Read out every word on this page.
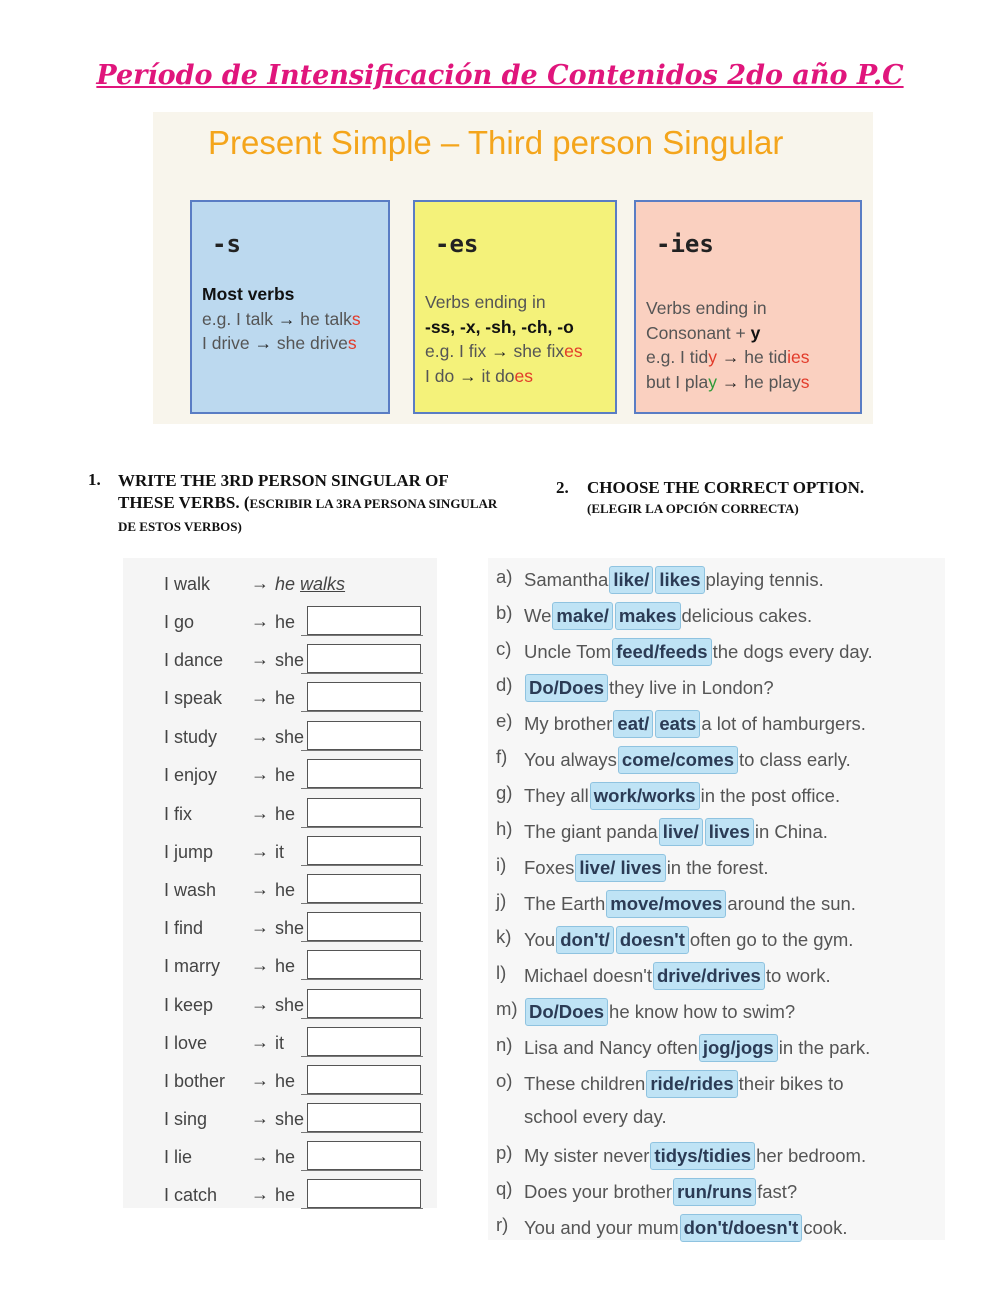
Período de Intensificación de Contenidos 2do año P.C
Present Simple – Third person Singular
-s
Most verbs
e.g. I talk → he talks
I drive → she drives
-es
Verbs ending in
-ss, -x, -sh, -ch, -o
e.g. I fix → she fixes
I do → it does
-ies
Verbs ending in
Consonant + y
e.g. I tidy → he tidies
but I play → he plays
1. WRITE THE 3RD PERSON SINGULAR OF THESE VERBS. (ESCRIBIR LA 3RA PERSONA SINGULAR DE ESTOS VERBOS)
2. CHOOSE THE CORRECT OPTION.
(ELEGIR LA OPCIÓN CORRECTA)
I walk → he walks
I go	→ he
I dance → she
I speak → he
I study → she
I enjoy → he
I fix	→ he
I jump → it
I wash → he
I find	→ she
I marry → he
I keep → she
I love → it
I bother → he
I sing → she
I lie	→ he
I catch → he
a) Samantha like/ likes playing tennis.
b) We make/ makes delicious cakes.
c) Uncle Tom feed/feeds the dogs every day.
d) Do/Does they live in London?
e) My brother eat/ eats a lot of hamburgers.
f) You always come/comes to class early.
g) They all work/works in the post office.
h) The giant panda live/ lives in China.
i) Foxes live/ lives in the forest.
j) The Earth move/moves around the sun.
k) You don't/ doesn't often go to the gym.
l) Michael doesn't drive/drives to work.
m) Do/Does he know how to swim?
n) Lisa and Nancy often jog/jogs in the park.
o) These children ride/rides their bikes to
school every day.
p) My sister never tidys/tidies her bedroom.
q) Does your brother run/runs fast?
r) You and your mum don't/doesn't cook.
